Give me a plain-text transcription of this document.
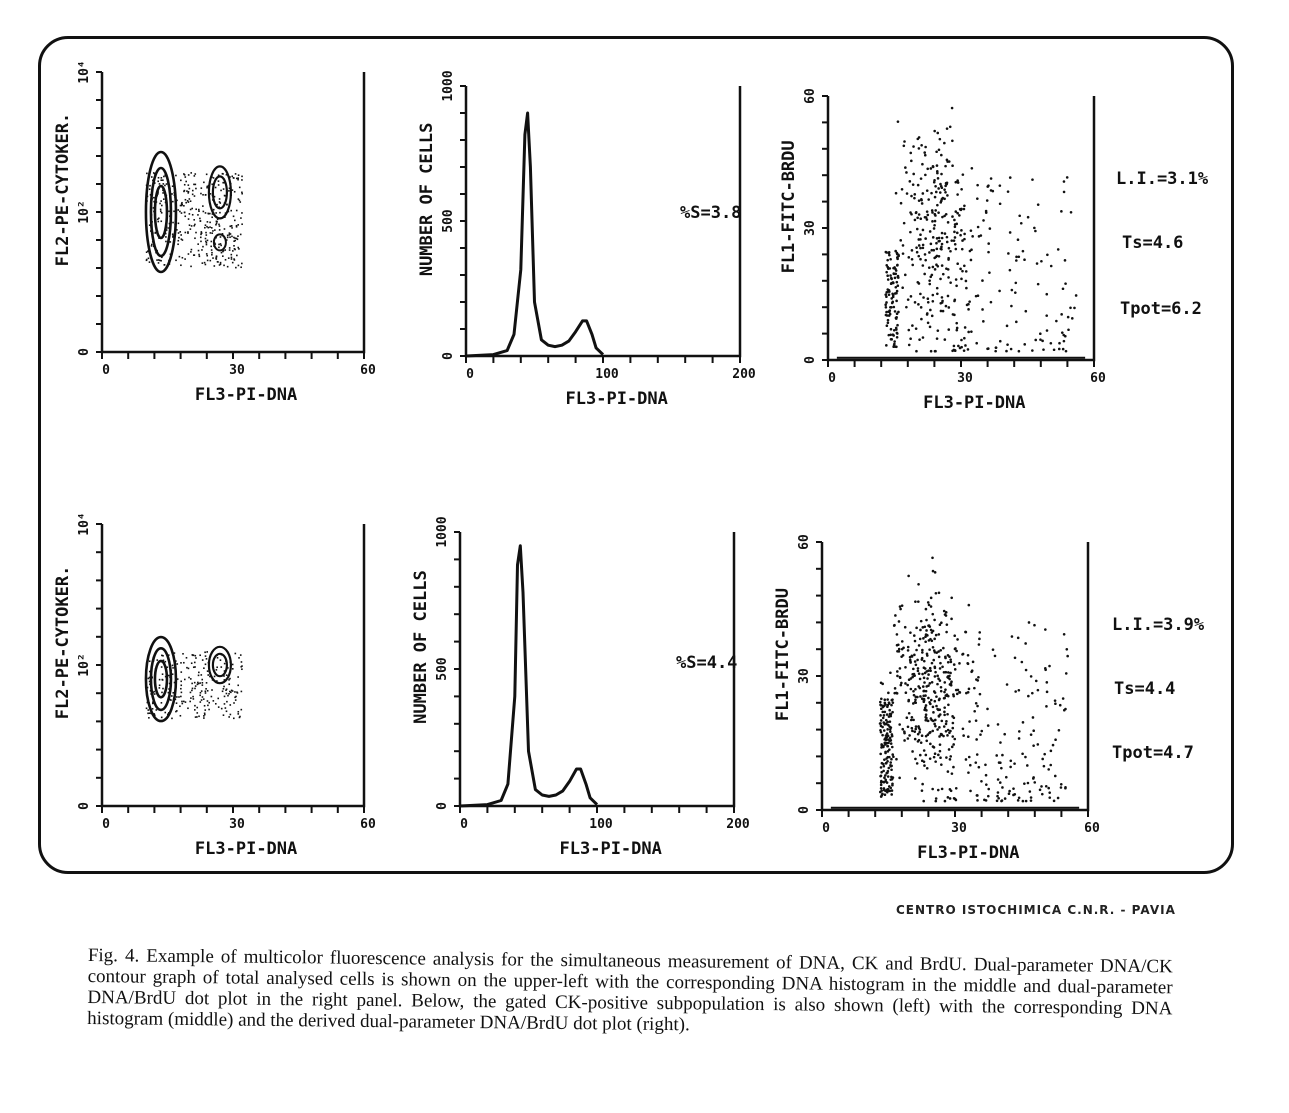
0	30	60
0
10²
10⁴
FL3-PI-DNA
FL2-PE-CYTOKER.
0	100	200
0
500
1000
FL3-PI-DNA
NUMBER OF CELLS	%S=3.8
0	30	60
0
30
60
FL3-PI-DNA
FL1-FITC-BRDU	L.I.=3.1%
Ts=4.6
Tpot=6.2
0	30	60
0
10²
10⁴
FL3-PI-DNA
FL2-PE-CYTOKER.
0	100	200
0
500
1000
FL3-PI-DNA
NUMBER OF CELLS	%S=4.4
0	30	60
0
30
60
FL3-PI-DNA
FL1-FITC-BRDU	L.I.=3.9%
Ts=4.4
Tpot=4.7
CENTRO ISTOCHIMICA C.N.R. - PAVIA

Fig. 4. Example of multicolor fluorescence analysis for the simultaneous measurement of DNA, CK and BrdU. Dual-parameter DNA/CK contour graph of total analysed cells is shown on the upper-left with the corresponding DNA histogram in the middle and dual-parameter DNA/BrdU dot plot in the right panel. Below, the gated CK-positive subpopulation is also shown (left) with the corresponding DNA histogram (middle) and the derived dual-parameter DNA/BrdU dot plot (right).
